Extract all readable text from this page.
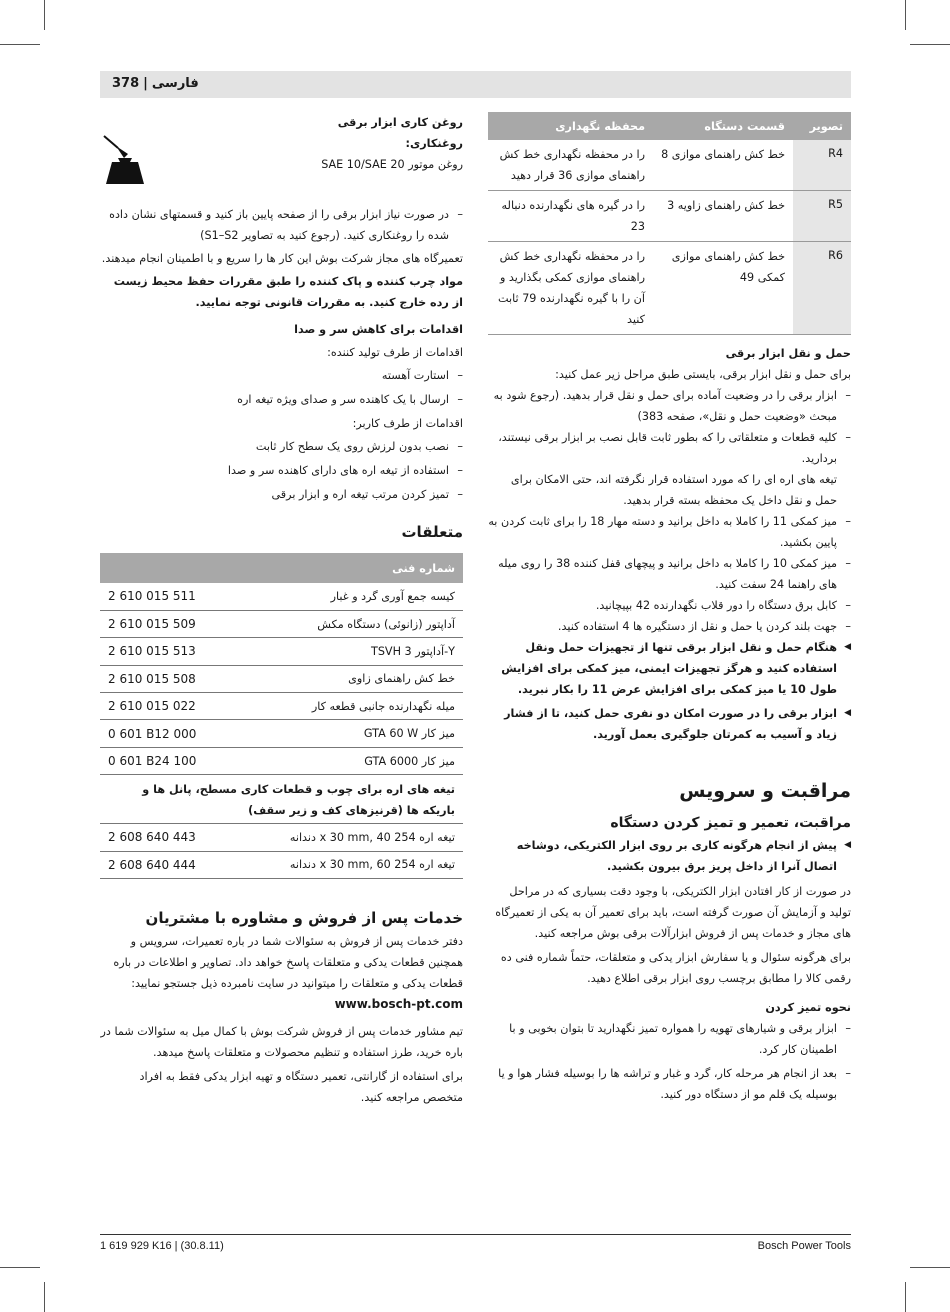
378 | فارسی
تصویر	قسمت دستگاه	محفظه نگهداری
R4	خط کش راهنمای موازی 8	را در محفظه نگهداری خط کش راهنمای موازی 36 قرار دهید
R5	خط کش راهنمای زاویه 3	را در گیره های نگهدارنده دنباله 23
R6	خط کش راهنمای موازی کمکی 49	را در محفظه نگهداری خط کش راهنمای موازی کمکی بگذارید و آن را با گیره نگهدارنده 79 ثابت کنید
حمل و نقل ابزار برقی

برای حمل و نقل ابزار برقی، بایستی طبق مراحل زیر عمل کنید:

– ابزار برقی را در وضعیت آماده برای حمل و نقل قرار بدهید. (رجوع شود به مبحث «وضعیت حمل و نقل»، صفحه 383)
– کلیه قطعات و متعلقاتی را که بطور ثابت قابل نصب بر ابزار برقی نیستند، بردارید.

تیغه های اره ای را که مورد استفاده قرار نگرفته اند، حتی الامکان برای حمل و نقل داخل یک محفظه بسته قرار بدهید.

– میز کمکی 11 را کاملا به داخل برانید و دسته مهار 18 را برای ثابت کردن به پایین بکشید.
– میز کمکی 10 را کاملا به داخل برانید و پیچهای قفل کننده 38 را روی میله های راهنما 24 سفت کنید.
– کابل برق دستگاه را دور قلاب نگهدارنده 42 بپیچانید.
– جهت بلند کردن یا حمل و نقل از دستگیره ها 4 استفاده کنید.
◀ هنگام حمل و نقل ابزار برقی تنها از تجهیزات حمل ونقل استفاده کنید و هرگز تجهیزات ایمنی، میز کمکی برای افزایش طول 10 یا میز کمکی برای افزایش عرض 11 را بکار نبرید.
◀ ابزار برقی را در صورت امکان دو نفری حمل کنید، تا از فشار زیاد و آسیب به کمرتان جلوگیری بعمل آورید.
مراقبت و سرویس
مراقبت، تعمیر و تمیز کردن دستگاه
◀ پیش از انجام هرگونه کاری بر روی ابزار الکتریکی، دوشاخه اتصال آنرا از داخل پریز برق بیرون بکشید.

در صورت از کار افتادن ابزار الکتریکی، با وجود دقت بسیاری که در مراحل تولید و آزمایش آن صورت گرفته است، باید برای تعمیر آن به یکی از تعمیرگاه های مجاز و خدمات پس از فروش ابزارآلات برقی بوش مراجعه کنید.

برای هرگونه سئوال و یا سفارش ابزار یدکی و متعلقات، حتماً شماره فنی ده رقمی کالا را مطابق برچسب روی ابزار برقی اطلاع دهید.

نحوه تمیز کردن
– ابزار برقی و شیارهای تهویه را همواره تمیز نگهدارید تا بتوان بخوبی و با اطمینان کار کرد.
– بعد از انجام هر مرحله کار، گرد و غبار و تراشه ها را بوسیله فشار هوا و یا بوسیله یک قلم مو از دستگاه دور کنید.
روغن کاری ابزار برقی
روغنکاری:

روغن موتور SAE 10/SAE 20

– در صورت نیاز ابزار برقی را از صفحه پایین باز کنید و قسمتهای نشان داده شده را روغنکاری کنید. (رجوع کنید به تصاویر S1–S2)

تعمیرگاه های مجاز شرکت بوش این کار ها را سریع و با اطمینان انجام میدهند.

مواد چرب کننده و پاک کننده را طبق مقررات حفظ محیط زیست از رده خارج کنید. به مقررات قانونی توجه نمایید.

اقدامات برای کاهش سر و صدا

اقدامات از طرف تولید کننده:

– استارت آهسته
– ارسال با یک کاهنده سر و صدای ویژه تیغه اره

اقدامات از طرف کاربر:

– نصب بدون لرزش روی یک سطح کار ثابت
– استفاده از تیغه اره های دارای کاهنده سر و صدا
– تمیز کردن مرتب تیغه اره و ابزار برقی
متعلقات
شماره فنی	
کیسه جمع آوری گرد و غبار	2 610 015 511
آداپتور (زانوئی) دستگاه مکش	2 610 015 509
Y-آداپتور TSVH 3	2 610 015 513
خط کش راهنمای زاوی	2 610 015 508
میله نگهدارنده جانبی قطعه کار	2 610 015 022
میز کار GTA 60 W	0 601 B12 000
میز کار GTA 6000	0 601 B24 100
تیغه های اره برای چوب و قطعات کاری مسطح، پانل ها و باریکه ها (قرنیزهای کف و زیر سقف)	
تیغه اره 254 x 30 mm, 40 دندانه	2 608 640 443
تیغه اره 254 x 30 mm, 60 دندانه	2 608 640 444
خدمات پس از فروش و مشاوره با مشتریان

دفتر خدمات پس از فروش به سئوالات شما در باره تعمیرات، سرویس و همچنین قطعات یدکی و متعلقات پاسخ خواهد داد. تصاویر و اطلاعات در باره قطعات یدکی و متعلقات را میتوانید در سایت نامبرده ذیل جستجو نمایید:

www.bosch-pt.com

تیم مشاور خدمات پس از فروش شرکت بوش با کمال میل به سئوالات شما در باره خرید، طرز استفاده و تنظیم محصولات و متعلقات پاسخ میدهد.

برای استفاده از گارانتی، تعمیر دستگاه و تهیه ابزار یدکی فقط به افراد متخصص مراجعه کنید.

1 619 929 K16 | (30.8.11)	Bosch Power Tools
